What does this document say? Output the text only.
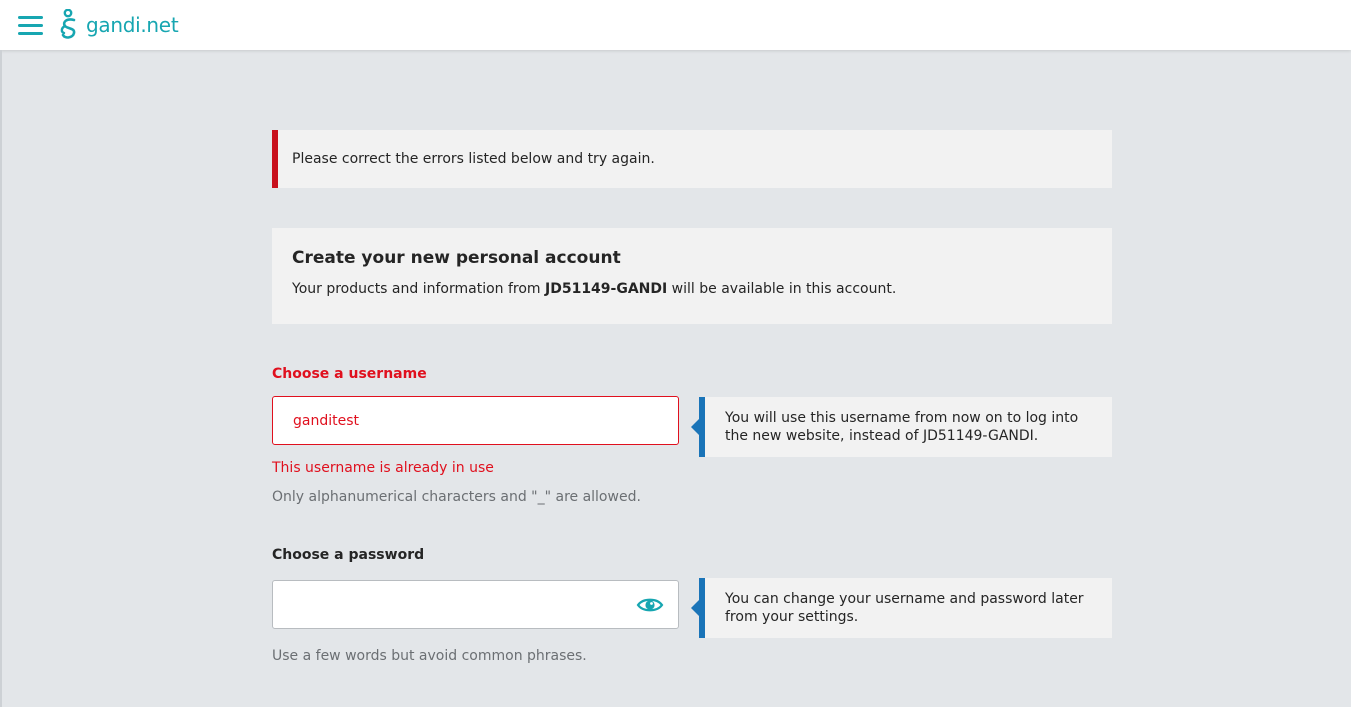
gandi.net
Please correct the errors listed below and try again.
Create your new personal account
Your products and information from JD51149-GANDI will be available in this account.
Choose a username
ganditest
You will use this username from now on to log into the new website, instead of JD51149-GANDI.
This username is already in use
Only alphanumerical characters and "_" are allowed.
Choose a password
You can change your username and password later from your settings.
Use a few words but avoid common phrases.
